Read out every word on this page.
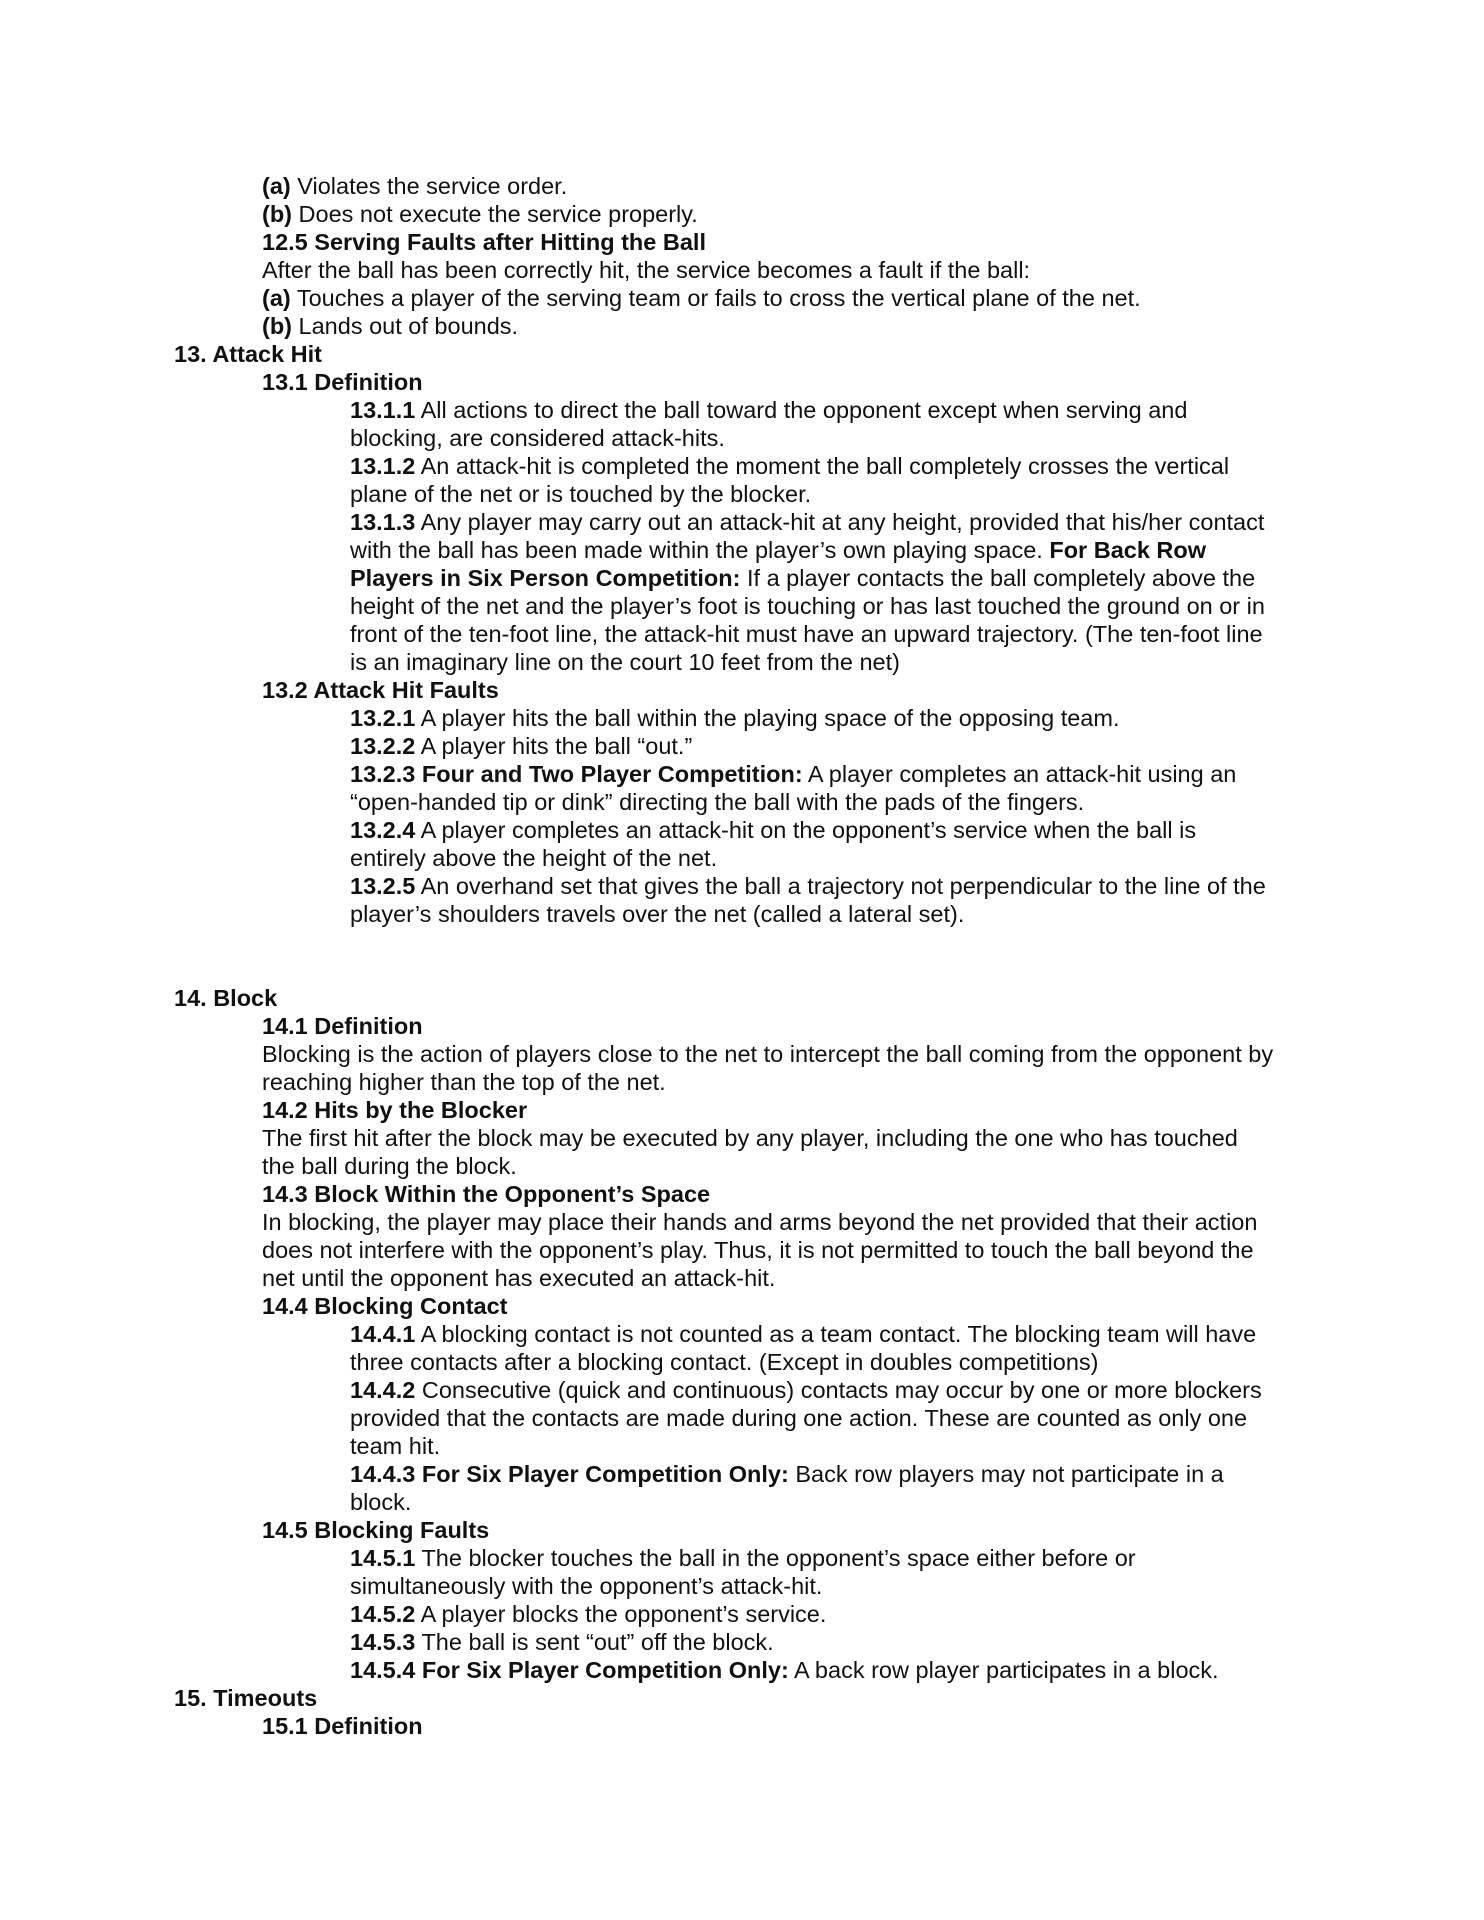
(a) Violates the service order.
(b) Does not execute the service properly.
12.5 Serving Faults after Hitting the Ball
After the ball has been correctly hit, the service becomes a fault if the ball:
(a) Touches a player of the serving team or fails to cross the vertical plane of the net.
(b) Lands out of bounds.
13. Attack Hit
13.1 Definition
13.1.1 All actions to direct the ball toward the opponent except when serving and
blocking, are considered attack-hits.
13.1.2 An attack-hit is completed the moment the ball completely crosses the vertical
plane of the net or is touched by the blocker.
13.1.3 Any player may carry out an attack-hit at any height, provided that his/her contact
with the ball has been made within the player’s own playing space. For Back Row
Players in Six Person Competition: If a player contacts the ball completely above the
height of the net and the player’s foot is touching or has last touched the ground on or in
front of the ten-foot line, the attack-hit must have an upward trajectory. (The ten-foot line
is an imaginary line on the court 10 feet from the net)
13.2 Attack Hit Faults
13.2.1 A player hits the ball within the playing space of the opposing team.
13.2.2 A player hits the ball “out.”
13.2.3 Four and Two Player Competition: A player completes an attack-hit using an
“open-handed tip or dink” directing the ball with the pads of the fingers.
13.2.4 A player completes an attack-hit on the opponent’s service when the ball is
entirely above the height of the net.
13.2.5 An overhand set that gives the ball a trajectory not perpendicular to the line of the
player’s shoulders travels over the net (called a lateral set).
14. Block
14.1 Definition
Blocking is the action of players close to the net to intercept the ball coming from the opponent by
reaching higher than the top of the net.
14.2 Hits by the Blocker
The first hit after the block may be executed by any player, including the one who has touched
the ball during the block.
14.3 Block Within the Opponent’s Space
In blocking, the player may place their hands and arms beyond the net provided that their action
does not interfere with the opponent’s play. Thus, it is not permitted to touch the ball beyond the
net until the opponent has executed an attack-hit.
14.4 Blocking Contact
14.4.1 A blocking contact is not counted as a team contact. The blocking team will have
three contacts after a blocking contact. (Except in doubles competitions)
14.4.2 Consecutive (quick and continuous) contacts may occur by one or more blockers
provided that the contacts are made during one action. These are counted as only one
team hit.
14.4.3 For Six Player Competition Only: Back row players may not participate in a
block.
14.5 Blocking Faults
14.5.1 The blocker touches the ball in the opponent’s space either before or
simultaneously with the opponent’s attack-hit.
14.5.2 A player blocks the opponent’s service.
14.5.3 The ball is sent “out” off the block.
14.5.4 For Six Player Competition Only: A back row player participates in a block.
15. Timeouts
15.1 Definition
